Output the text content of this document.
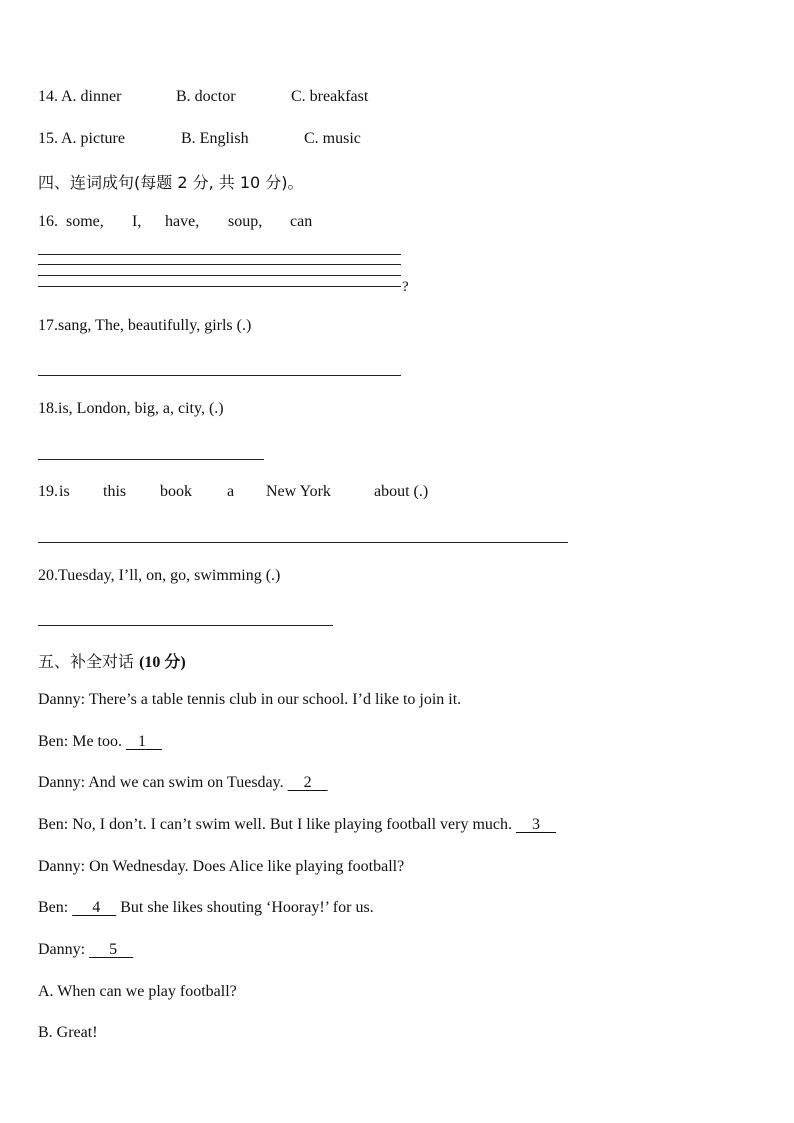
14. A. dinner	B. doctor	C. breakfast
15. A. picture	B. English	C. music
四、连词成句(每题 2 分, 共 10 分)。
16. some, I, have, soup, can
?
17.sang, The, beautifully, girls (.)
18.is, London, big, a, city, (.)
19. is this book a New York	about (.)
20.Tuesday, I’ll, on, go, swimming (.)
五、补全对话 (10 分)
Danny: There’s a table tennis club in our school. I’d like to join it.
Ben: Me too.    1
Danny: And we can swim on Tuesday.     2
Ben: No, I don’t. I can’t swim well. But I like playing football very much.     3
Danny: On Wednesday. Does Alice like playing football?
Ben:      4     But she likes shouting ‘Hooray!’ for us.
Danny:      5
A. When can we play football?
B. Great!
